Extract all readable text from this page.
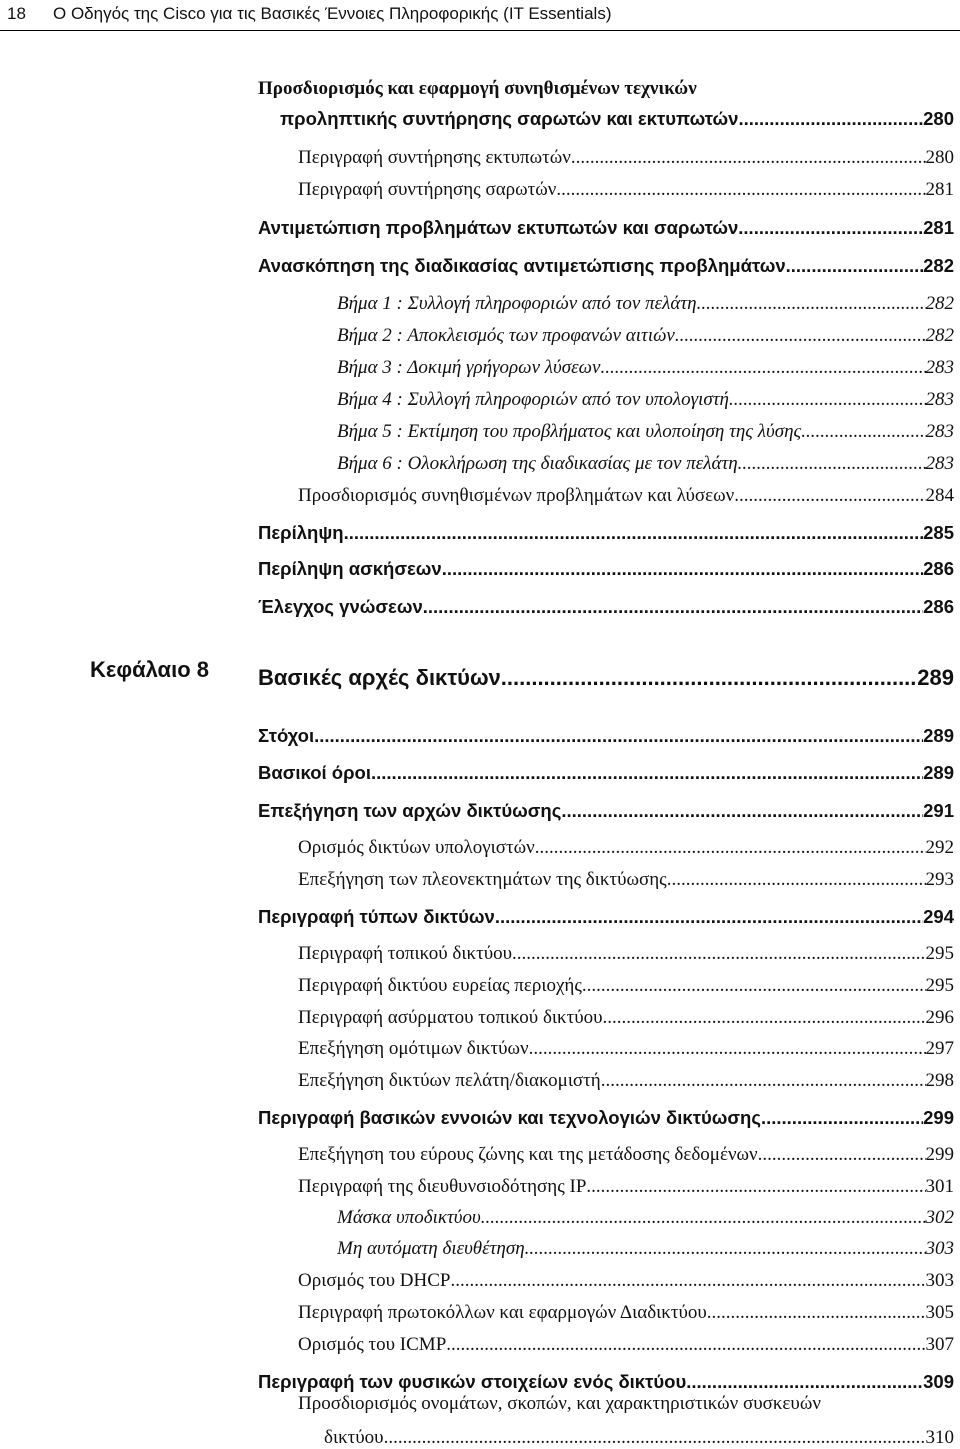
18 Ο Οδηγός της Cisco για τις Βασικές Έννοιες Πληροφορικής (IT Essentials)
Προσδιορισμός και εφαρμογή συνηθισμένων τεχνικών
Κεφάλαιο 8
προληπτικής συντήρησης σαρωτών και εκτυπωτών .....	280
Περιγραφή συντήρησης εκτυπωτών .....	280
Περιγραφή συντήρησης σαρωτών .....	281
Αντιμετώπιση προβλημάτων εκτυπωτών και σαρωτών .....	281
Ανασκόπηση της διαδικασίας αντιμετώπισης προβλημάτων .....	282
Βήμα 1 : Συλλογή πληροφοριών από τον πελάτη .....	282
Βήμα 2 : Αποκλεισμός των προφανών αιτιών .....	282
Βήμα 3 : Δοκιμή γρήγορων λύσεων .....	283
Βήμα 4 : Συλλογή πληροφοριών από τον υπολογιστή .....	283
Βήμα 5 : Εκτίμηση του προβλήματος και υλοποίηση της λύσης .....	283
Βήμα 6 : Ολοκλήρωση της διαδικασίας με τον πελάτη .....	283
Προσδιορισμός συνηθισμένων προβλημάτων και λύσεων .....	284
Περίληψη .....	285
Περίληψη ασκήσεων .....	286
Έλεγχος γνώσεων .....	286
Βασικές αρχές δικτύων .....	289
Στόχοι .....	289
Βασικοί όροι .....	289
Επεξήγηση των αρχών δικτύωσης .....	291
Ορισμός δικτύων υπολογιστών .....	292
Επεξήγηση των πλεονεκτημάτων της δικτύωσης .....	293
Περιγραφή τύπων δικτύων .....	294
Περιγραφή τοπικού δικτύου .....	295
Περιγραφή δικτύου ευρείας περιοχής .....	295
Περιγραφή ασύρματου τοπικού δικτύου .....	296
Επεξήγηση ομότιμων δικτύων .....	297
Επεξήγηση δικτύων πελάτη/διακομιστή .....	298
Περιγραφή βασικών εννοιών και τεχνολογιών δικτύωσης .....	299
Επεξήγηση του εύρους ζώνης και της μετάδοσης δεδομένων .....	299
Περιγραφή της διευθυνσιοδότησης IP .....	301
Μάσκα υποδικτύου .....	302
Μη αυτόματη διευθέτηση .....	303
Ορισμός του DHCP .....	303
Περιγραφή πρωτοκόλλων και εφαρμογών Διαδικτύου .....	305
Ορισμός του ICMP .....	307
Περιγραφή των φυσικών στοιχείων ενός δικτύου .....	309
Προσδιορισμός ονομάτων, σκοπών, και χαρακτηριστικών συσκευών
δικτύου .....	310
